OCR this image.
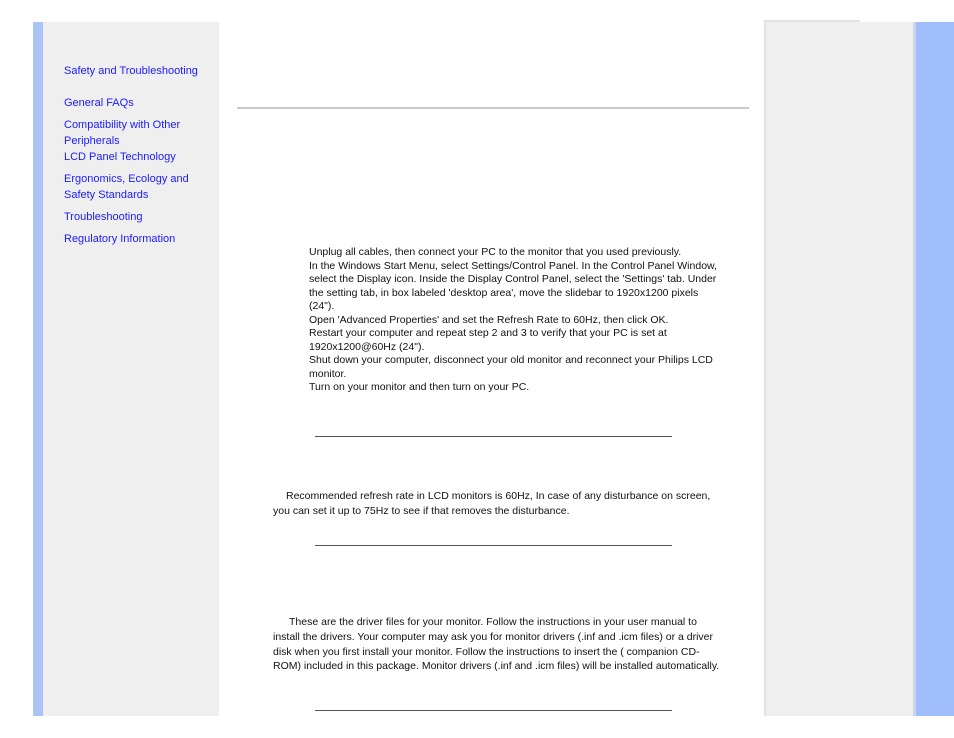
Safety and Troubleshooting
General FAQs
Compatibility with Other Peripherals
LCD Panel Technology
Ergonomics, Ecology and Safety Standards
Troubleshooting
Regulatory Information
Unplug all cables, then connect your PC to the monitor that you used previously.
In the Windows Start Menu, select Settings/Control Panel. In the Control Panel Window, select the Display icon. Inside the Display Control Panel, select the 'Settings' tab. Under the setting tab, in box labeled 'desktop area', move the slidebar to 1920x1200 pixels (24").
Open 'Advanced Properties' and set the Refresh Rate to 60Hz, then click OK.
Restart your computer and repeat step 2 and 3 to verify that your PC is set at 1920x1200@60Hz (24").
Shut down your computer, disconnect your old monitor and reconnect your Philips LCD monitor.
Turn on your monitor and then turn on your PC.

Recommended refresh rate in LCD monitors is 60Hz, In case of any disturbance on screen, you can set it up to 75Hz to see if that removes the disturbance.

These are the driver files for your monitor. Follow the instructions in your user manual to install the drivers. Your computer may ask you for monitor drivers (.inf and .icm files) or a driver disk when you first install your monitor. Follow the instructions to insert the ( companion CD-ROM) included in this package. Monitor drivers (.inf and .icm files) will be installed automatically.
